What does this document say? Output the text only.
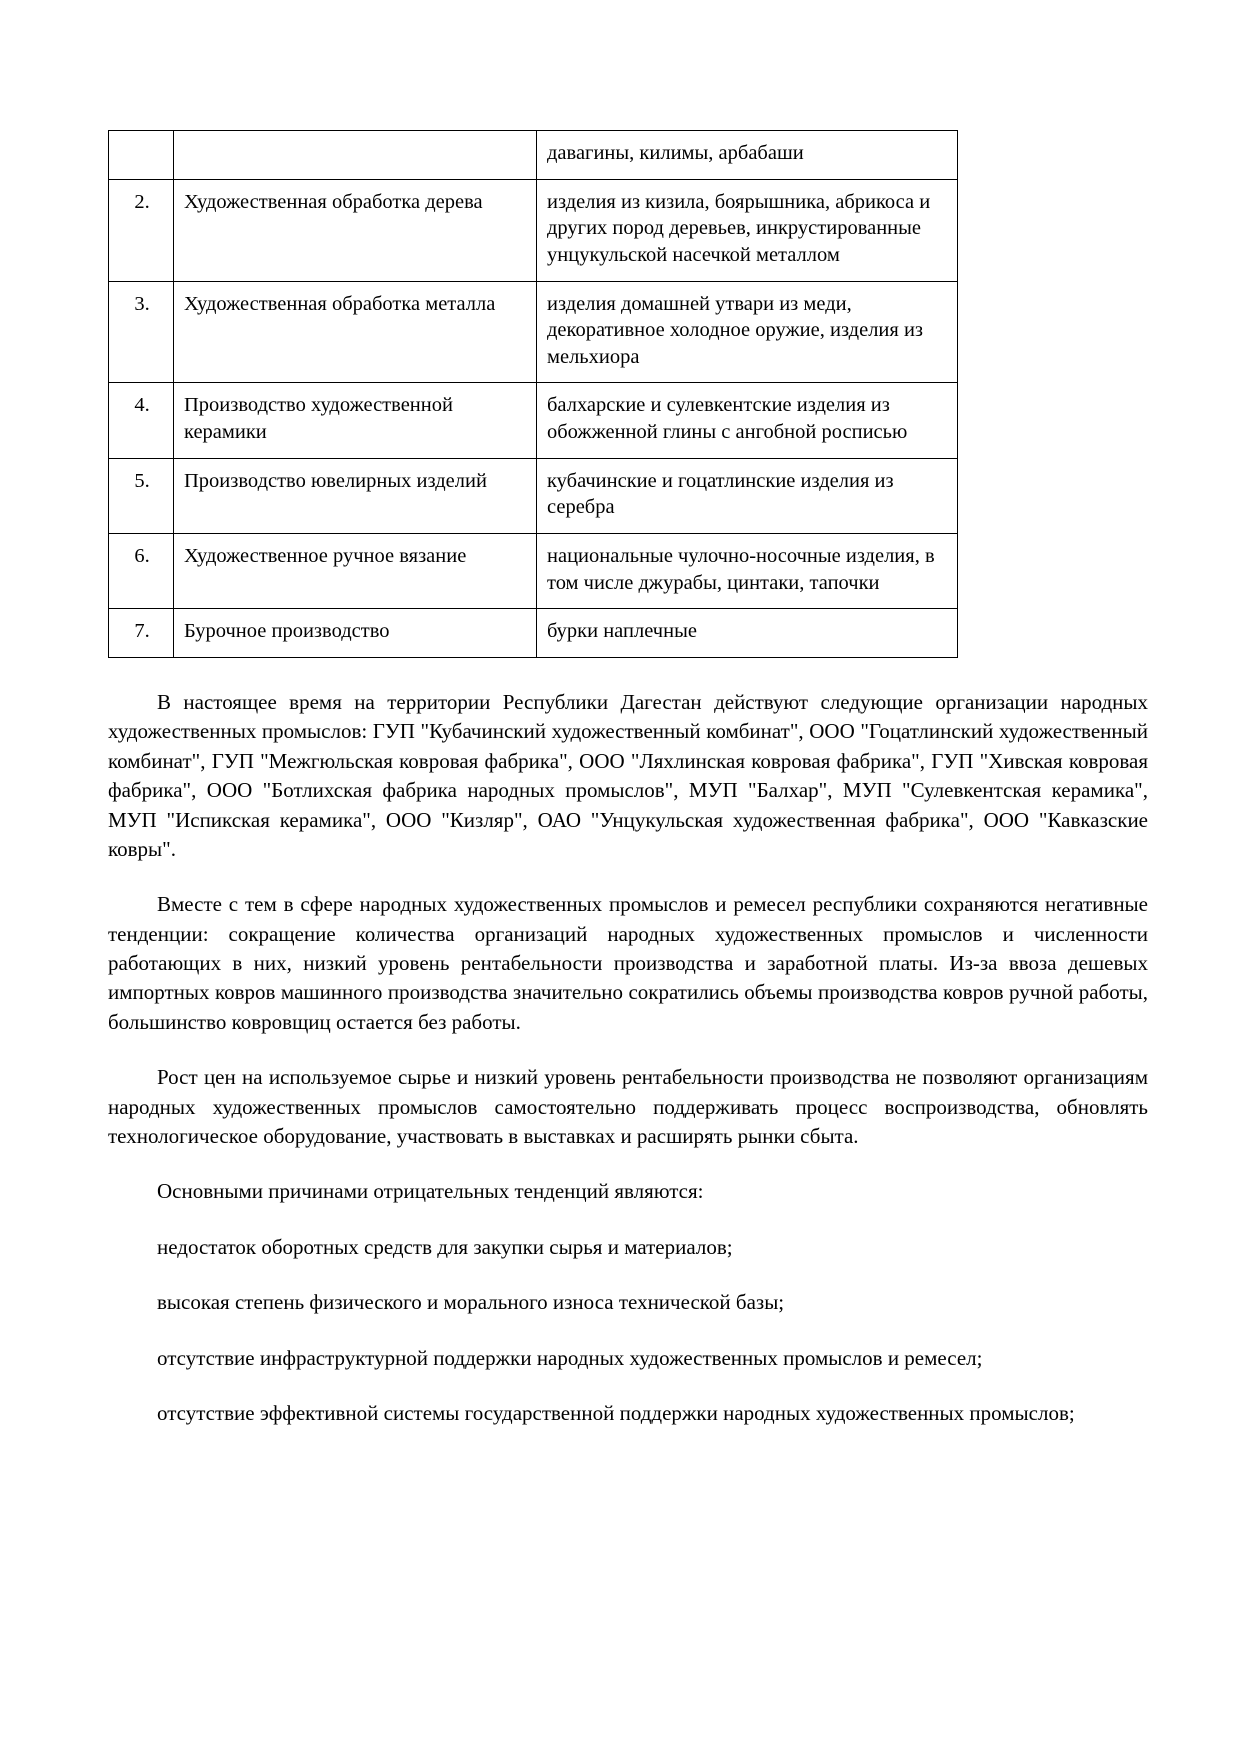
		давагины, килимы, арбабаши
2.	Художественная обработка дерева	изделия из кизила, боярышника, абрикоса и других пород деревьев, инкрустированные унцукульской насечкой металлом
3.	Художественная обработка металла	изделия домашней утвари из меди, декоративное холодное оружие, изделия из мельхиора
4.	Производство художественной керамики	балхарские и сулевкентские изделия из обожженной глины с ангобной росписью
5.	Производство ювелирных изделий	кубачинские и гоцатлинские изделия из серебра
6.	Художественное ручное вязание	национальные чулочно-носочные изделия, в том числе джурабы, цинтаки, тапочки
7.	Бурочное производство	бурки наплечные

В настоящее время на территории Республики Дагестан действуют следующие организации народных художественных промыслов: ГУП "Кубачинский художественный комбинат", ООО "Гоцатлинский художественный комбинат", ГУП "Межгюльская ковровая фабрика", ООО "Ляхлинская ковровая фабрика", ГУП "Хивская ковровая фабрика", ООО "Ботлихская фабрика народных промыслов", МУП "Балхар", МУП "Сулевкентская керамика", МУП "Испикская керамика", ООО "Кизляр", ОАО "Унцукульская художественная фабрика", ООО "Кавказские ковры".

Вместе с тем в сфере народных художественных промыслов и ремесел республики сохраняются негативные тенденции: сокращение количества организаций народных художественных промыслов и численности работающих в них, низкий уровень рентабельности производства и заработной платы. Из-за ввоза дешевых импортных ковров машинного производства значительно сократились объемы производства ковров ручной работы, большинство ковровщиц остается без работы.

Рост цен на используемое сырье и низкий уровень рентабельности производства не позволяют организациям народных художественных промыслов самостоятельно поддерживать процесс воспроизводства, обновлять технологическое оборудование, участвовать в выставках и расширять рынки сбыта.

Основными причинами отрицательных тенденций являются:

недостаток оборотных средств для закупки сырья и материалов;

высокая степень физического и морального износа технической базы;

отсутствие инфраструктурной поддержки народных художественных промыслов и ремесел;

отсутствие эффективной системы государственной поддержки народных художественных промыслов;
